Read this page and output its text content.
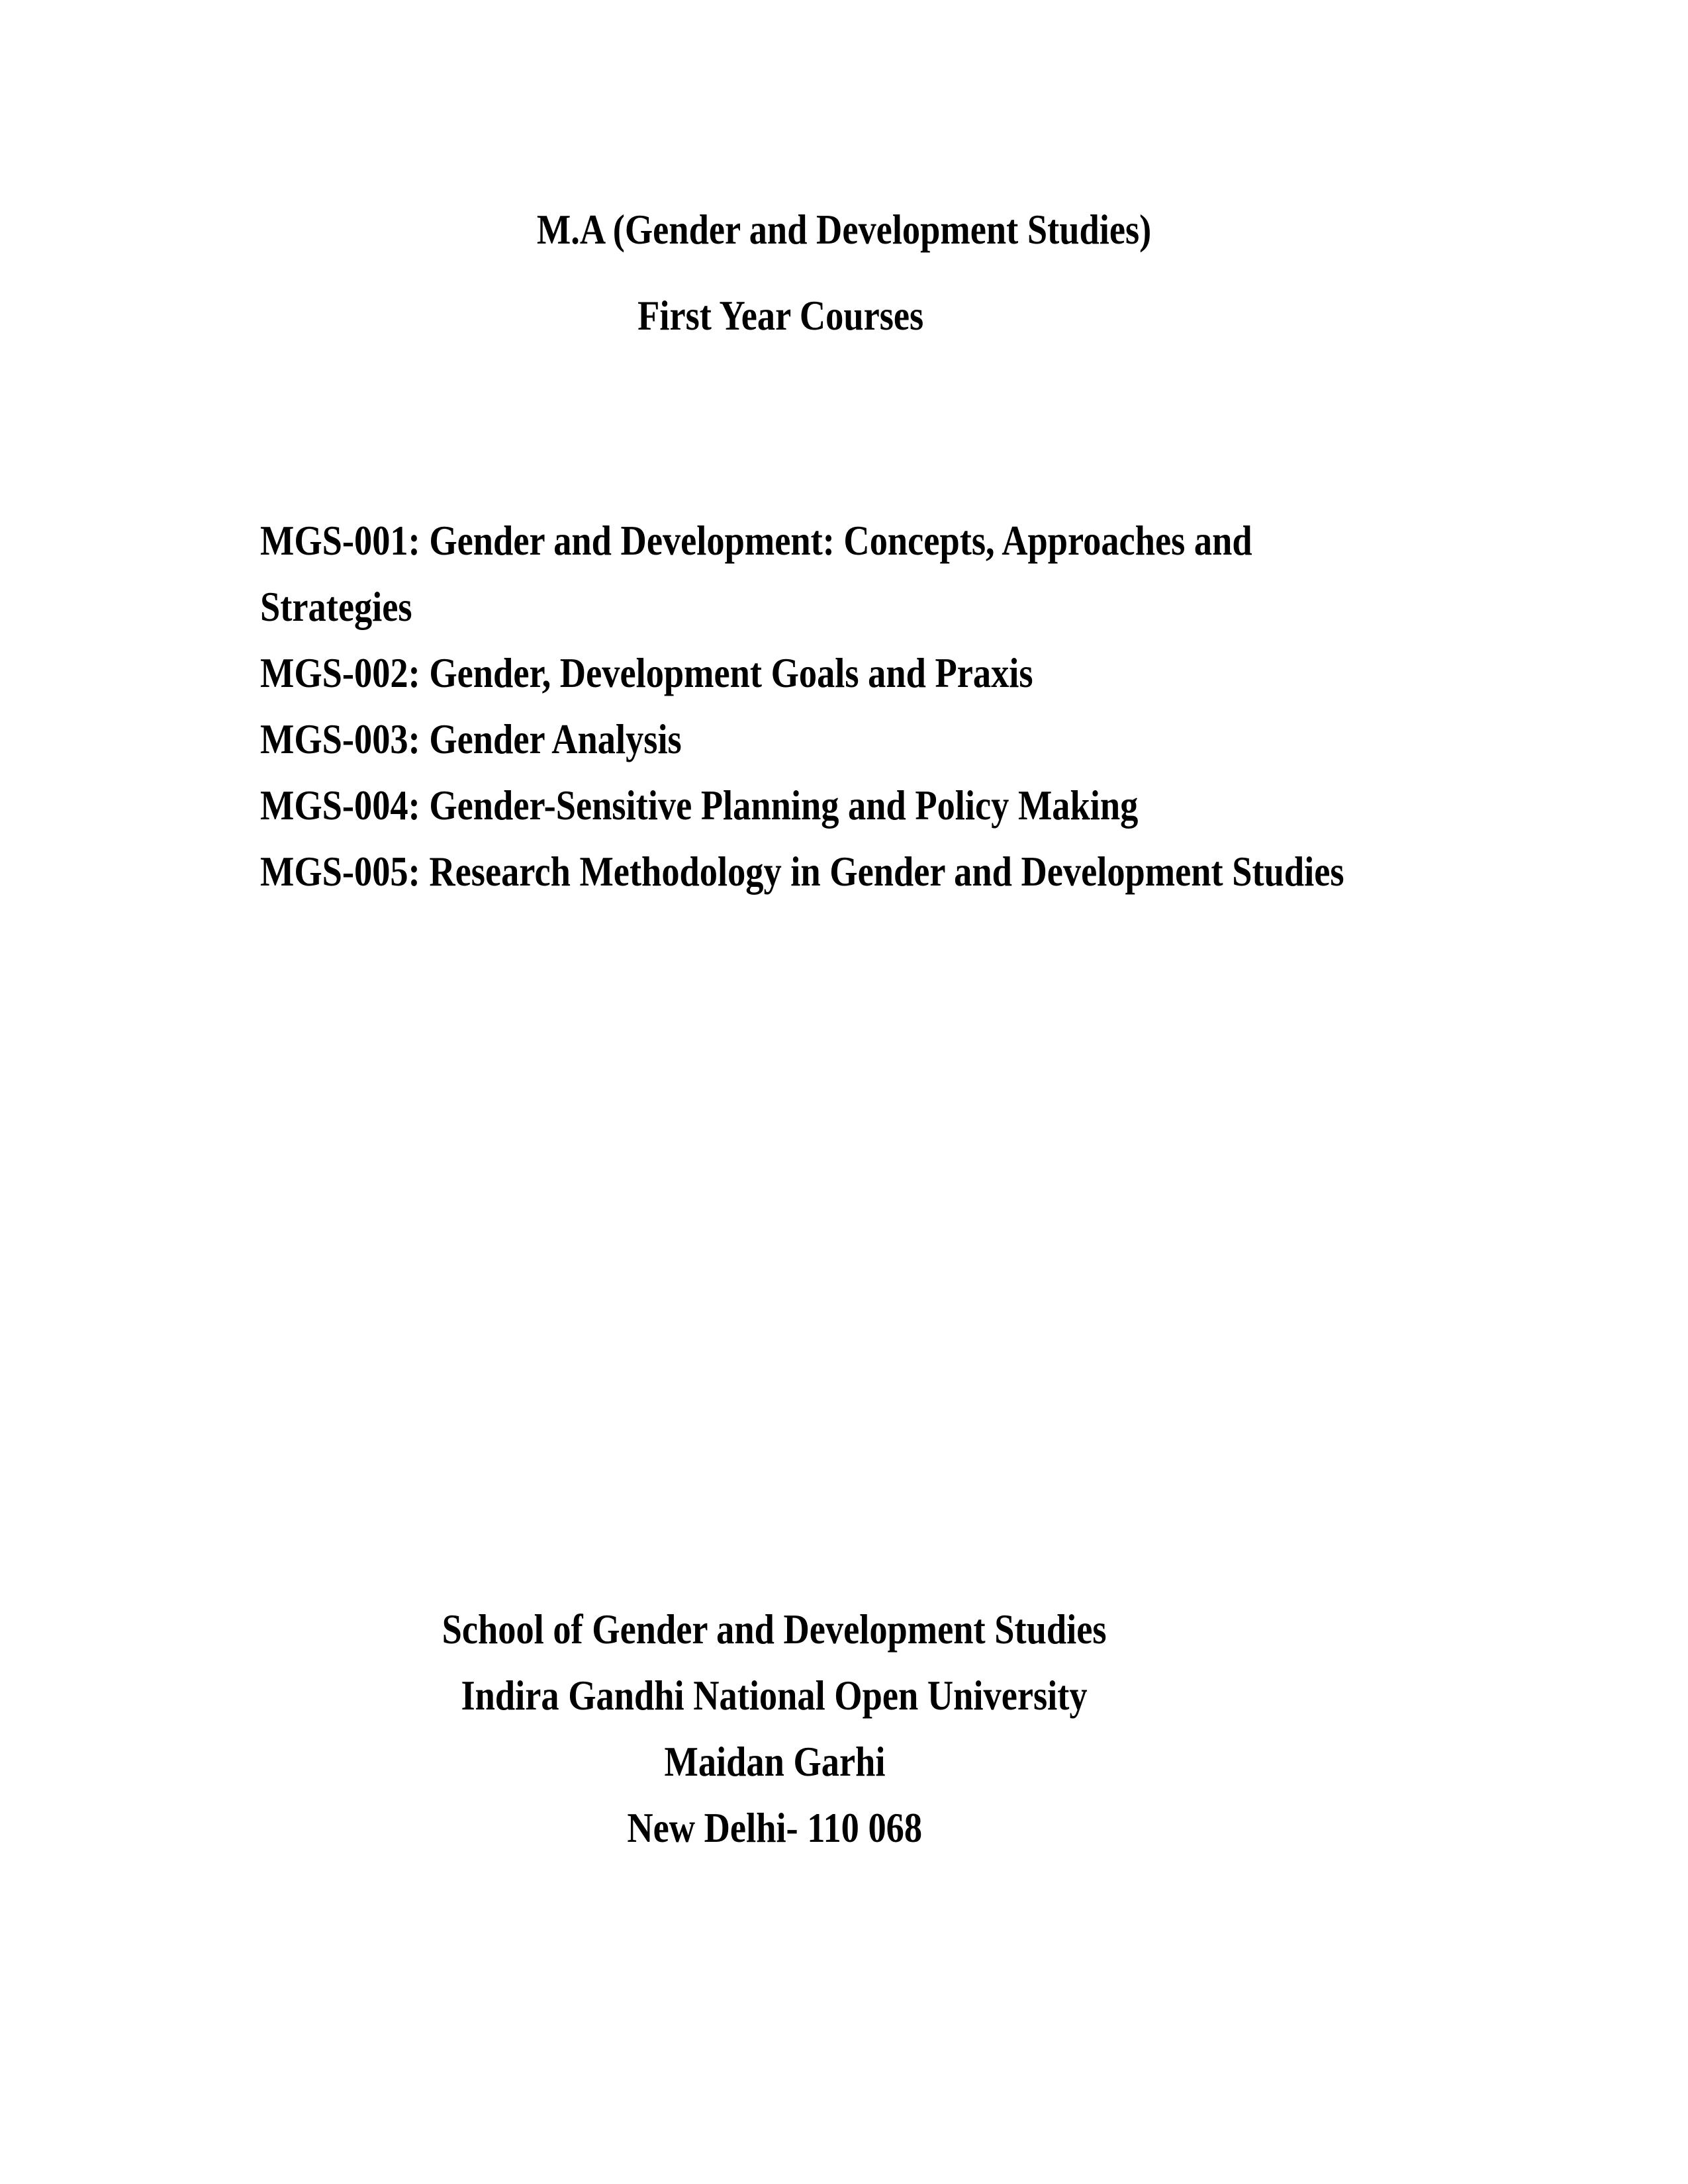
M.A (Gender and Development Studies)
First Year Courses
MGS-001: Gender and Development: Concepts, Approaches and
Strategies
MGS-002: Gender, Development Goals and Praxis
MGS-003: Gender Analysis
MGS-004: Gender-Sensitive Planning and Policy Making
MGS-005: Research Methodology in Gender and Development Studies
School of Gender and Development Studies
Indira Gandhi National Open University
Maidan Garhi
New Delhi- 110 068
